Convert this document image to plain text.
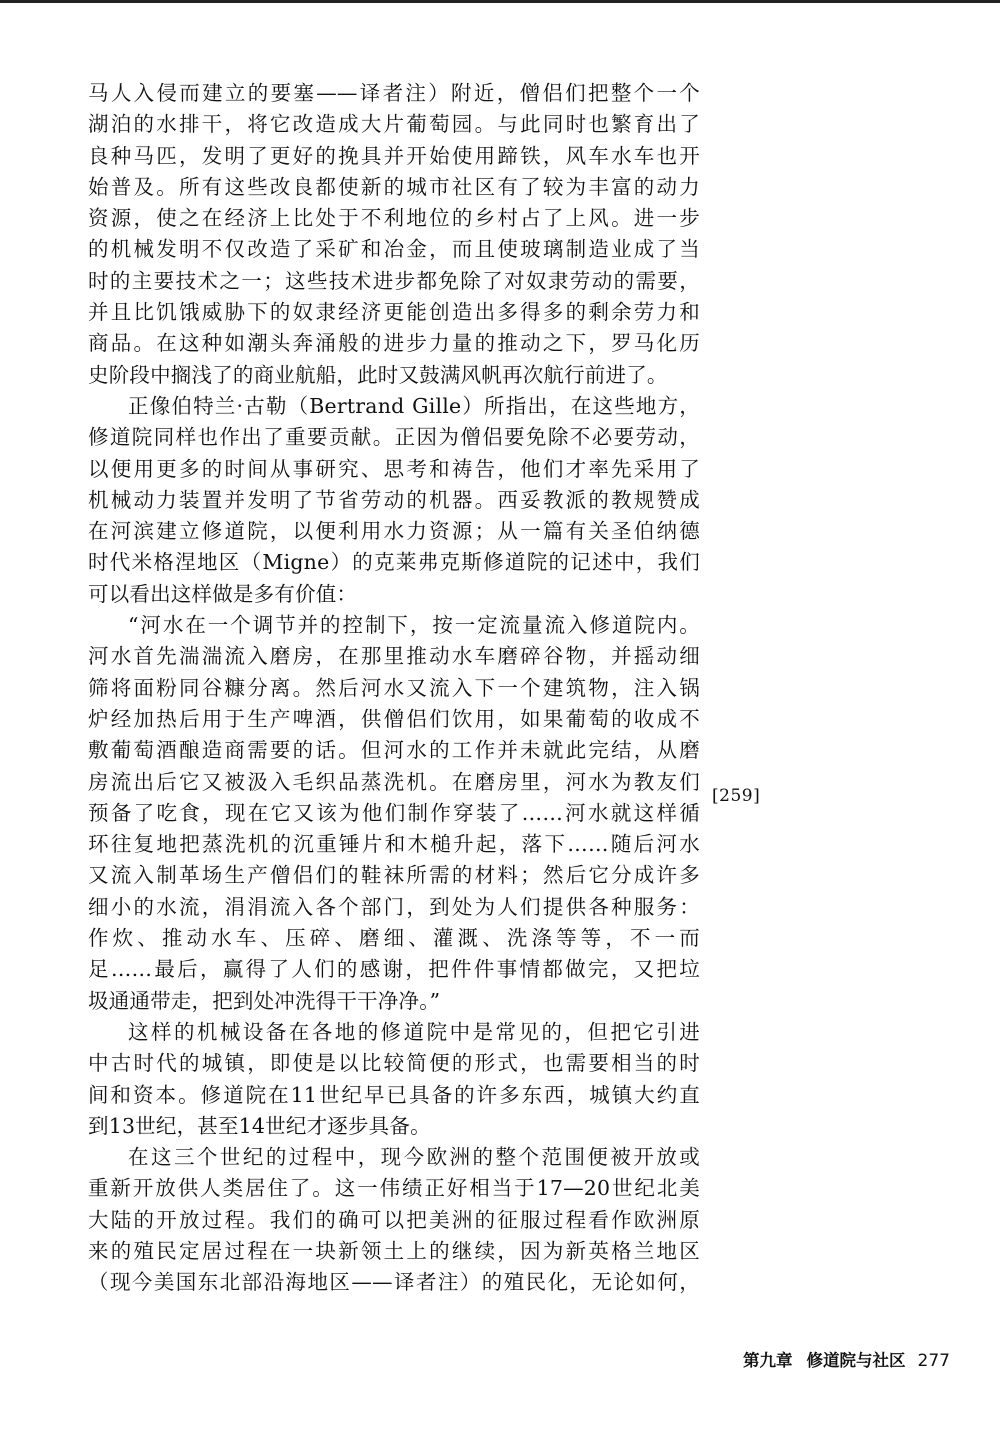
马人入侵而建立的要塞——译者注）附近，僧侣们把整个一个
湖泊的水排干，将它改造成大片葡萄园。与此同时也繁育出了
良种马匹，发明了更好的挽具并开始使用蹄铁，风车水车也开
始普及。所有这些改良都使新的城市社区有了较为丰富的动力
资源，使之在经济上比处于不利地位的乡村占了上风。进一步
的机械发明不仅改造了采矿和冶金，而且使玻璃制造业成了当
时的主要技术之一；这些技术进步都免除了对奴隶劳动的需要，
并且比饥饿威胁下的奴隶经济更能创造出多得多的剩余劳力和
商品。在这种如潮头奔涌般的进步力量的推动之下，罗马化历
史阶段中搁浅了的商业航船，此时又鼓满风帆再次航行前进了。
正像伯特兰·古勒（Bertrand Gille）所指出，在这些地方，
修道院同样也作出了重要贡献。正因为僧侣要免除不必要劳动，
以便用更多的时间从事研究、思考和祷告，他们才率先采用了
机械动力装置并发明了节省劳动的机器。西妥教派的教规赞成
在河滨建立修道院，以便利用水力资源；从一篇有关圣伯纳德
时代米格涅地区（Migne）的克莱弗克斯修道院的记述中，我们
可以看出这样做是多有价值：
“河水在一个调节并的控制下，按一定流量流入修道院内。
河水首先湍湍流入磨房，在那里推动水车磨碎谷物，并摇动细
筛将面粉同谷糠分离。然后河水又流入下一个建筑物，注入锅
炉经加热后用于生产啤酒，供僧侣们饮用，如果葡萄的收成不
敷葡萄酒酿造商需要的话。但河水的工作并未就此完结，从磨
房流出后它又被汲入毛织品蒸洗机。在磨房里，河水为教友们
预备了吃食，现在它又该为他们制作穿装了……河水就这样循
环往复地把蒸洗机的沉重锤片和木槌升起，落下……随后河水
又流入制革场生产僧侣们的鞋袜所需的材料；然后它分成许多
细小的水流，涓涓流入各个部门，到处为人们提供各种服务：
作炊、推动水车、压碎、磨细、灌溉、洗涤等等，不一而
足……最后，赢得了人们的感谢，把件件事情都做完，又把垃
圾通通带走，把到处冲洗得干干净净。”
这样的机械设备在各地的修道院中是常见的，但把它引进
中古时代的城镇，即使是以比较简便的形式，也需要相当的时
间和资本。修道院在11世纪早已具备的许多东西，城镇大约直
到13世纪，甚至14世纪才逐步具备。
在这三个世纪的过程中，现今欧洲的整个范围便被开放或
重新开放供人类居住了。这一伟绩正好相当于17—20世纪北美
大陆的开放过程。我们的确可以把美洲的征服过程看作欧洲原
来的殖民定居过程在一块新领土上的继续，因为新英格兰地区
（现今美国东北部沿海地区——译者注）的殖民化，无论如何，
[259]
第九章 修道院与社区 277
